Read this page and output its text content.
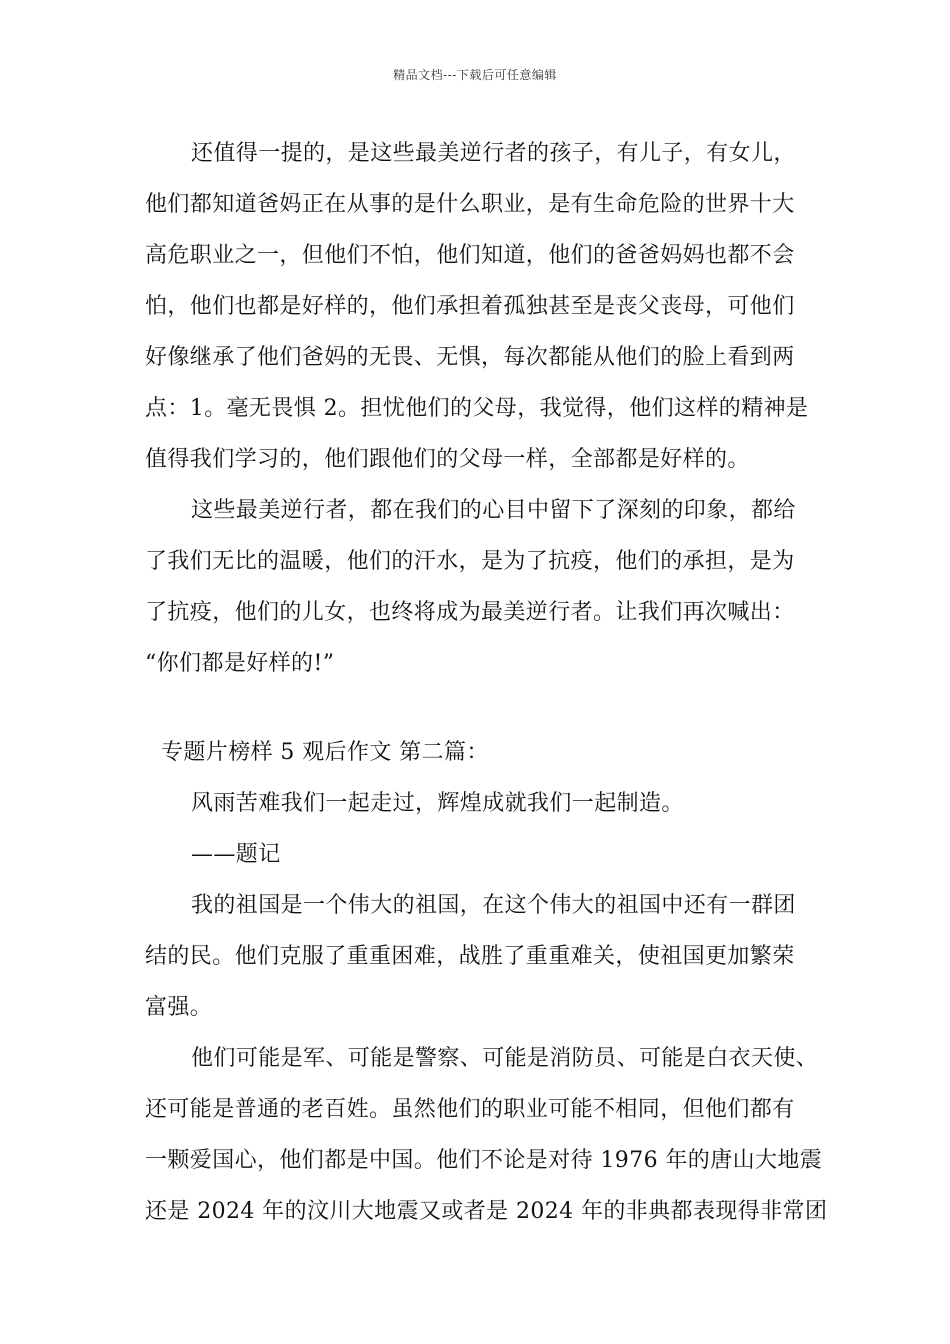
精品文档---下载后可任意编辑
还值得一提的，是这些最美逆行者的孩子，有儿子，有女儿，
他们都知道爸妈正在从事的是什么职业，是有生命危险的世界十大
高危职业之一，但他们不怕，他们知道，他们的爸爸妈妈也都不会
怕，他们也都是好样的，他们承担着孤独甚至是丧父丧母，可他们
好像继承了他们爸妈的无畏、无惧，每次都能从他们的脸上看到两
点：1。毫无畏惧 2。担忧他们的父母，我觉得，他们这样的精神是
值得我们学习的，他们跟他们的父母一样，全部都是好样的。
这些最美逆行者，都在我们的心目中留下了深刻的印象，都给
了我们无比的温暖，他们的汗水，是为了抗疫，他们的承担，是为
了抗疫，他们的儿女，也终将成为最美逆行者。让我们再次喊出：
“你们都是好样的!”
专题片榜样 5 观后作文 第二篇：
风雨苦难我们一起走过，辉煌成就我们一起制造。
——题记
我的祖国是一个伟大的祖国，在这个伟大的祖国中还有一群团
结的民。他们克服了重重困难，战胜了重重难关，使祖国更加繁荣
富强。
他们可能是军、可能是警察、可能是消防员、可能是白衣天使、
还可能是普通的老百姓。虽然他们的职业可能不相同，但他们都有
一颗爱国心，他们都是中国。他们不论是对待 1976 年的唐山大地震
还是 2024 年的汶川大地震又或者是 2024 年的非典都表现得非常团
